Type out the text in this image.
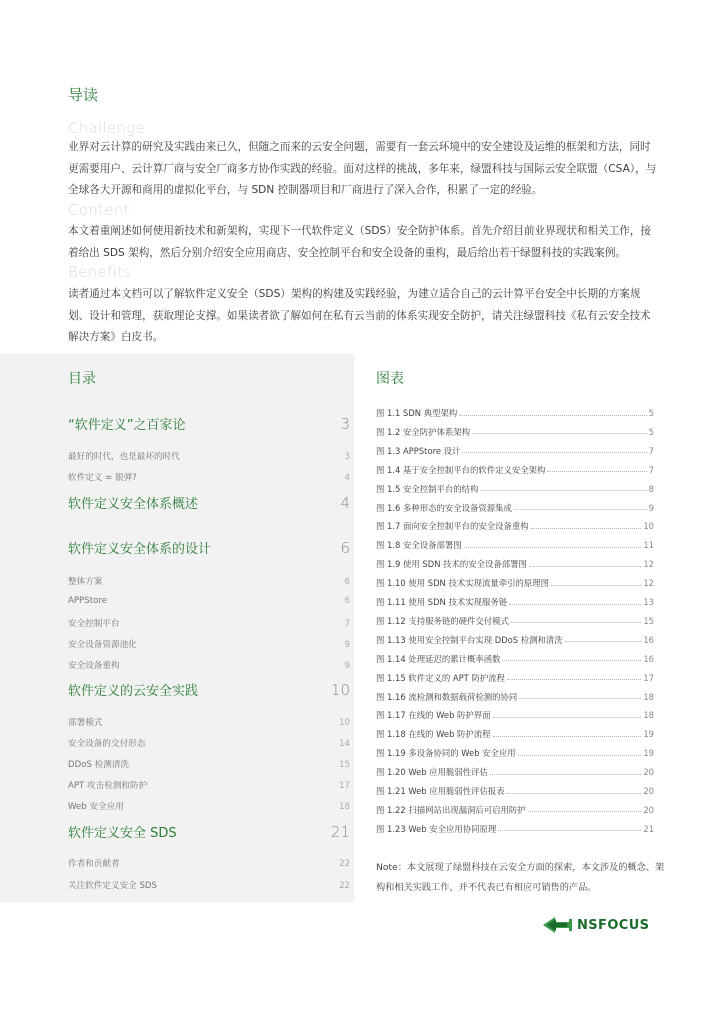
导读
Challenge
业界对云计算的研究及实践由来已久，但随之而来的云安全问题，需要有一套云环境中的安全建设及运维的框架和方法，同时更需要用户、云计算厂商与安全厂商多方协作实践的经验。面对这样的挑战，多年来，绿盟科技与国际云安全联盟（CSA），与全球各大开源和商用的虚拟化平台，与 SDN 控制器项目和厂商进行了深入合作，积累了一定的经验。
Content
本文着重阐述如何使用新技术和新架构，实现下一代软件定义（SDS）安全防护体系。首先介绍目前业界现状和相关工作，接着给出 SDS 架构，然后分别介绍安全应用商店、安全控制平台和安全设备的重构，最后给出若干绿盟科技的实践案例。
Benefits
读者通过本文档可以了解软件定义安全（SDS）架构的构建及实践经验，为建立适合自己的云计算平台安全中长期的方案规划、设计和管理，获取理论支撑。如果读者欲了解如何在私有云当前的体系实现安全防护，请关注绿盟科技《私有云安全技术解决方案》白皮书。
目录
“软件定义”之百家论	3
最好的时代，也是最坏的时代	3
软件定义 = 银弹?	4
软件定义安全体系概述	4
软件定义安全体系的设计	6
整体方案	6
APPStore	6
安全控制平台	7
安全设备资源池化	9
安全设备重构	9
软件定义的云安全实践	10
部署模式	10
安全设备的交付形态	14
DDoS 检测清洗	15
APT 攻击检测和防护	17
Web 安全应用	18
软件定义安全 SDS	21
作者和贡献者	22
关注软件定义安全 SDS	22
图表
图 1.1 SDN 典型架构	5
图 1.2 安全防护体系架构	5
图 1.3 APPStore 设计	7
图 1.4 基于安全控制平台的软件定义安全架构	7
图 1.5 安全控制平台的结构	8
图 1.6 多种形态的安全设备资源集成	9
图 1.7 面向安全控制平台的安全设备重构	10
图 1.8 安全设备部署图	11
图 1.9 使用 SDN 技术的安全设备部署图	12
图 1.10 使用 SDN 技术实现流量牵引的原理图	12
图 1.11 使用 SDN 技术实现服务链	13
图 1.12 支持服务链的硬件交付模式	15
图 1.13 使用安全控制平台实现 DDoS 检测和清洗	16
图 1.14 处理延迟的累计概率函数	16
图 1.15 软件定义的 APT 防护流程	17
图 1.16 流检测和数据载荷检测的协同	18
图 1.17 在线的 Web 防护界面	18
图 1.18 在线的 Web 防护流程	19
图 1.19 多设备协同的 Web 安全应用	19
图 1.20 Web 应用脆弱性评估	20
图 1.21 Web 应用脆弱性评估报表	20
图 1.22 扫描网站出现漏洞后可启用防护	20
图 1.23 Web 安全应用协同原理	21
Note：本文展现了绿盟科技在云安全方面的探索，本文涉及的概念、架构和相关实践工作，并不代表已有相应可销售的产品。
NSFOCUS
